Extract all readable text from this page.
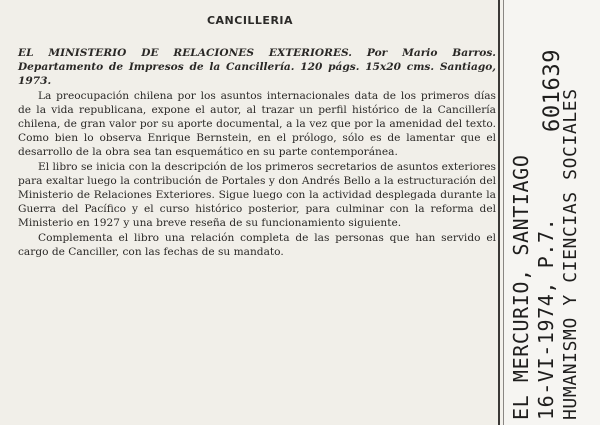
CANCILLERIA

EL MINISTERIO DE RELACIONES EXTERIORES. Por Mario Barros. Departamento de Impresos de la Cancillería. 120 págs. 15x20 cms. Santiago, 1973.

La preocupación chilena por los asuntos internacionales data de los primeros días de la vida republicana, expone el autor, al trazar un perfil histórico de la Cancillería chilena, de gran valor por su aporte documental, a la vez que por la amenidad del texto. Como bien lo observa Enrique Bernstein, en el prólogo, sólo es de lamentar que el desarrollo de la obra sea tan esquemático en su parte contemporánea.

El libro se inicia con la descripción de los primeros secretarios de asuntos exteriores para exaltar luego la contribución de Portales y don Andrés Bello a la estructuración del Ministerio de Relaciones Exteriores. Sigue luego con la actividad desplegada durante la Guerra del Pacífico y el curso histórico posterior, para culminar con la reforma del Ministerio en 1927 y una breve reseña de su funcionamiento siguiente.

Complementa el libro una relación completa de las personas que han servido el cargo de Canciller, con las fechas de su mandato.	EL MERCURIO, SANTIAGO 16-VI-1974, P.7. HUMANISMO Y CIENCIAS SOCIALES
601639
